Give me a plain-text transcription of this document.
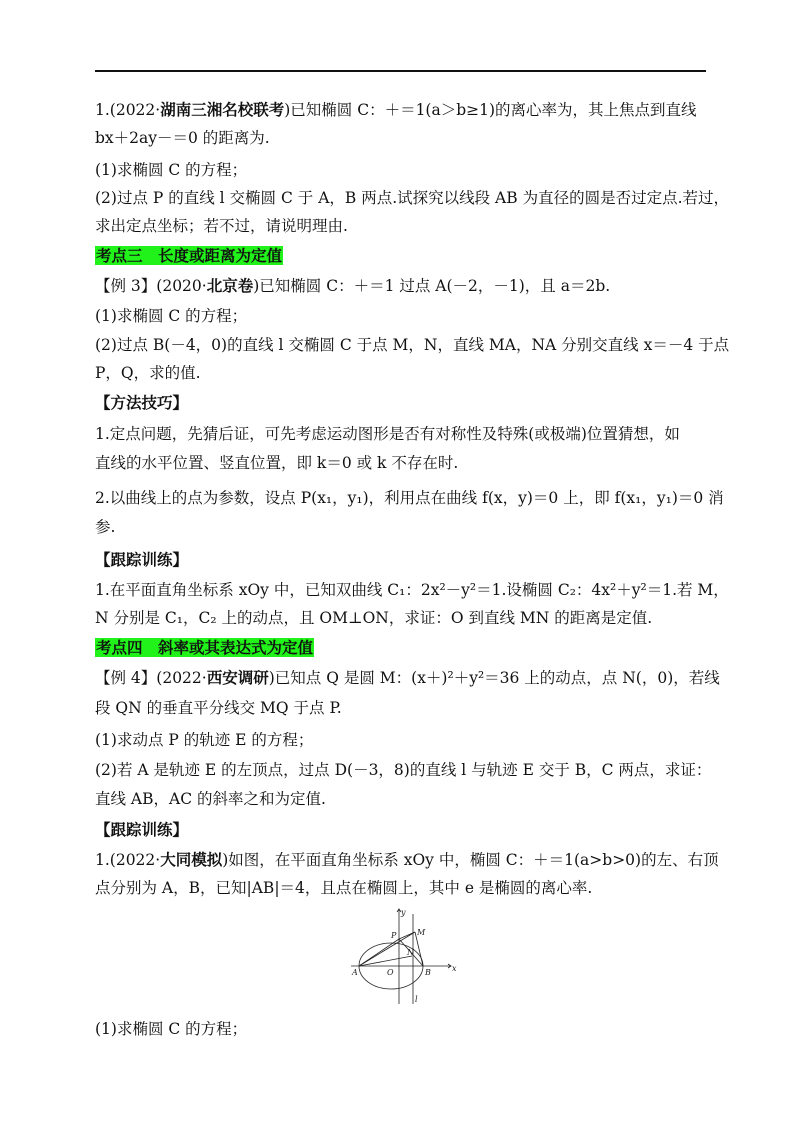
1.(2022·湖南三湘名校联考)已知椭圆 C：＋＝1(a＞b≥1)的离心率为，其上焦点到直线
bx＋2ay－＝0 的距离为.
(1)求椭圆 C 的方程；
(2)过点 P 的直线 l 交椭圆 C 于 A，B 两点.试探究以线段 AB 为直径的圆是否过定点.若过，
求出定点坐标；若不过，请说明理由.
考点三　长度或距离为定值
【例 3】(2020·北京卷)已知椭圆 C：＋＝1 过点 A(－2，－1)，且 a＝2b.
(1)求椭圆 C 的方程；
(2)过点 B(－4，0)的直线 l 交椭圆 C 于点 M，N，直线 MA，NA 分别交直线 x＝－4 于点
P，Q，求的值.
【方法技巧】
1.定点问题，先猜后证，可先考虑运动图形是否有对称性及特殊(或极端)位置猜想，如
直线的水平位置、竖直位置，即 k＝0 或 k 不存在时.
2.以曲线上的点为参数，设点 P(x₁，y₁)，利用点在曲线 f(x，y)＝0 上，即 f(x₁，y₁)＝0 消
参.
【跟踪训练】
1.在平面直角坐标系 xOy 中，已知双曲线 C₁：2x²－y²＝1.设椭圆 C₂：4x²＋y²＝1.若 M，
N 分别是 C₁，C₂ 上的动点，且 OM⊥ON，求证：O 到直线 MN 的距离是定值.
考点四　斜率或其表达式为定值
【例 4】(2022·西安调研)已知点 Q 是圆 M：(x＋)²＋y²＝36 上的动点，点 N(，0)，若线
段 QN 的垂直平分线交 MQ 于点 P.
(1)求动点 P 的轨迹 E 的方程；
(2)若 A 是轨迹 E 的左顶点，过点 D(－3，8)的直线 l 与轨迹 E 交于 B，C 两点，求证：
直线 AB，AC 的斜率之和为定值.
【跟踪训练】
1.(2022·大同模拟)如图，在平面直角坐标系 xOy 中，椭圆 C：＋＝1(a>b>0)的左、右顶
点分别为 A，B，已知|AB|＝4，且点在椭圆上，其中 e 是椭圆的离心率.
y
x
M
P
N
A	O	B
l
(1)求椭圆 C 的方程；
